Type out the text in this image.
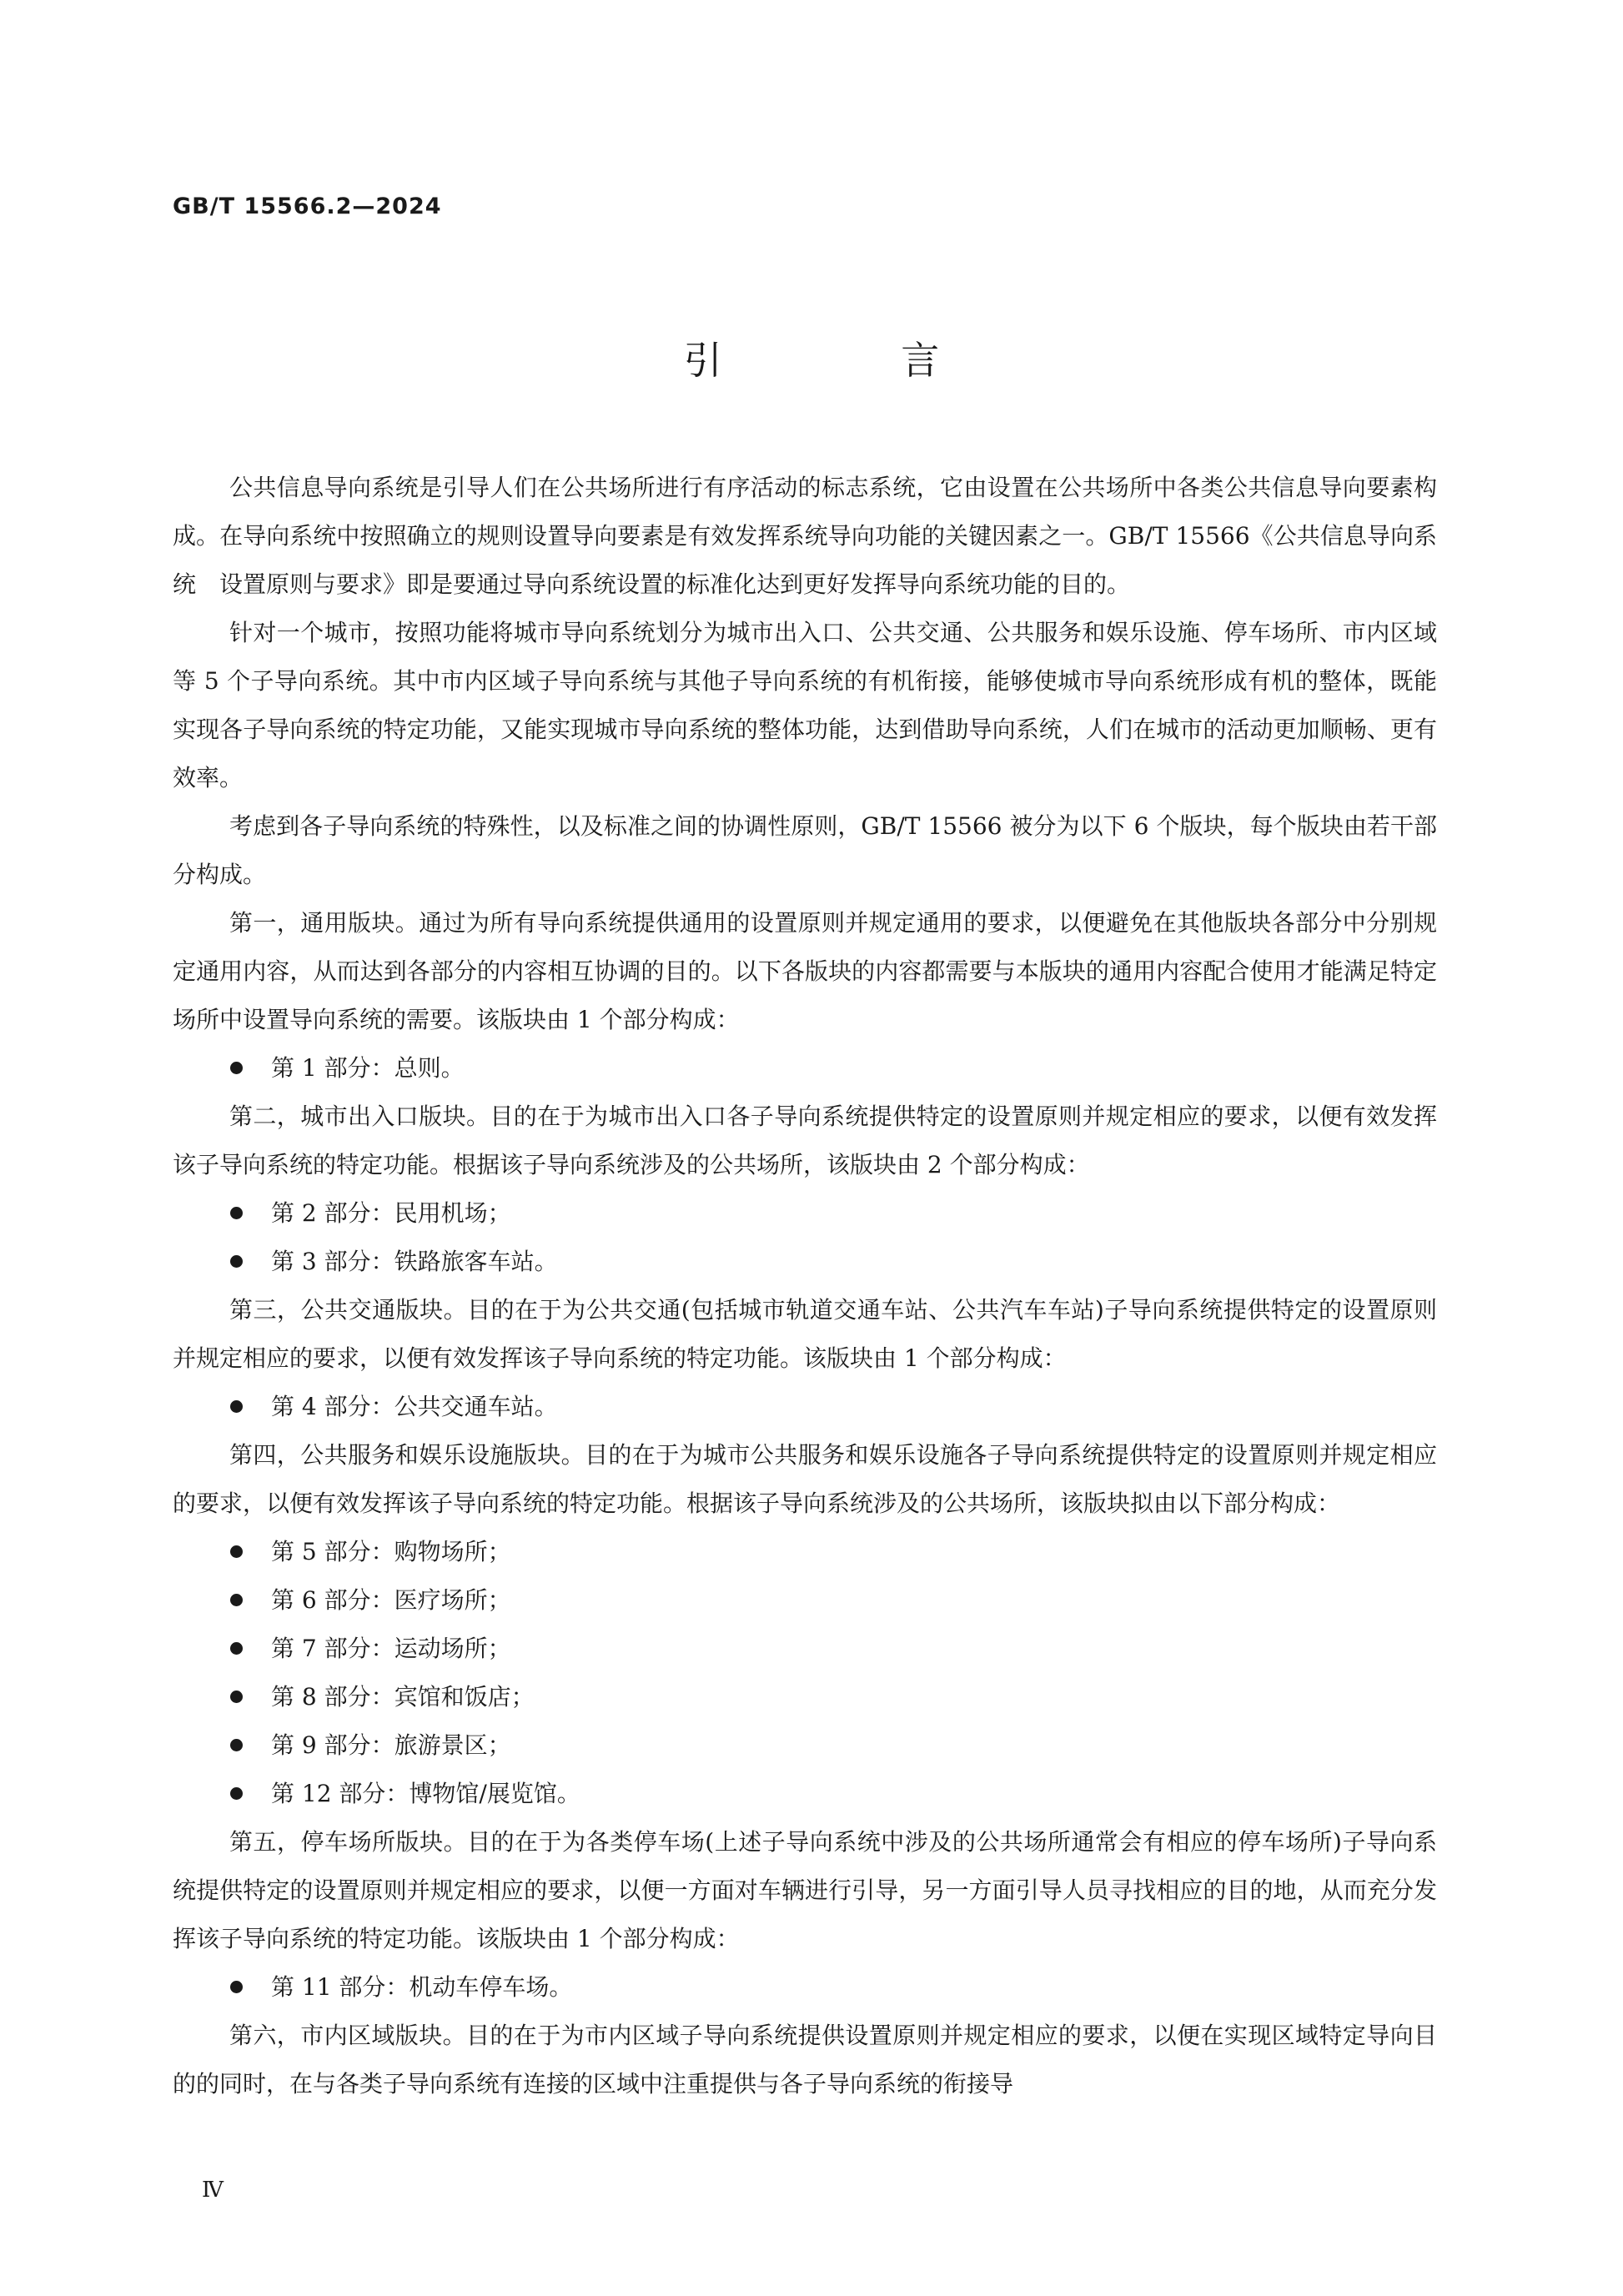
GB/T 15566.2—2024

引 言

公共信息导向系统是引导人们在公共场所进行有序活动的标志系统，它由设置在公共场所中各类公共信息导向要素构成。在导向系统中按照确立的规则设置导向要素是有效发挥系统导向功能的关键因素之一。GB/T 15566《公共信息导向系统　设置原则与要求》即是要通过导向系统设置的标准化达到更好发挥导向系统功能的目的。

针对一个城市，按照功能将城市导向系统划分为城市出入口、公共交通、公共服务和娱乐设施、停车场所、市内区域等 5 个子导向系统。其中市内区域子导向系统与其他子导向系统的有机衔接，能够使城市导向系统形成有机的整体，既能实现各子导向系统的特定功能，又能实现城市导向系统的整体功能，达到借助导向系统，人们在城市的活动更加顺畅、更有效率。

考虑到各子导向系统的特殊性，以及标准之间的协调性原则，GB/T 15566 被分为以下 6 个版块，每个版块由若干部分构成。

第一，通用版块。通过为所有导向系统提供通用的设置原则并规定通用的要求，以便避免在其他版块各部分中分别规定通用内容，从而达到各部分的内容相互协调的目的。以下各版块的内容都需要与本版块的通用内容配合使用才能满足特定场所中设置导向系统的需要。该版块由 1 个部分构成：

第 1 部分：总则。

第二，城市出入口版块。目的在于为城市出入口各子导向系统提供特定的设置原则并规定相应的要求，以便有效发挥该子导向系统的特定功能。根据该子导向系统涉及的公共场所，该版块由 2 个部分构成：

第 2 部分：民用机场；
第 3 部分：铁路旅客车站。

第三，公共交通版块。目的在于为公共交通(包括城市轨道交通车站、公共汽车车站)子导向系统提供特定的设置原则并规定相应的要求，以便有效发挥该子导向系统的特定功能。该版块由 1 个部分构成：

第 4 部分：公共交通车站。

第四，公共服务和娱乐设施版块。目的在于为城市公共服务和娱乐设施各子导向系统提供特定的设置原则并规定相应的要求，以便有效发挥该子导向系统的特定功能。根据该子导向系统涉及的公共场所，该版块拟由以下部分构成：

第 5 部分：购物场所；
第 6 部分：医疗场所；
第 7 部分：运动场所；
第 8 部分：宾馆和饭店；
第 9 部分：旅游景区；
第 12 部分：博物馆/展览馆。

第五，停车场所版块。目的在于为各类停车场(上述子导向系统中涉及的公共场所通常会有相应的停车场所)子导向系统提供特定的设置原则并规定相应的要求，以便一方面对车辆进行引导，另一方面引导人员寻找相应的目的地，从而充分发挥该子导向系统的特定功能。该版块由 1 个部分构成：

第 11 部分：机动车停车场。

第六，市内区域版块。目的在于为市内区域子导向系统提供设置原则并规定相应的要求，以便在实现区域特定导向目的的同时，在与各类子导向系统有连接的区域中注重提供与各子导向系统的衔接导

Ⅳ
